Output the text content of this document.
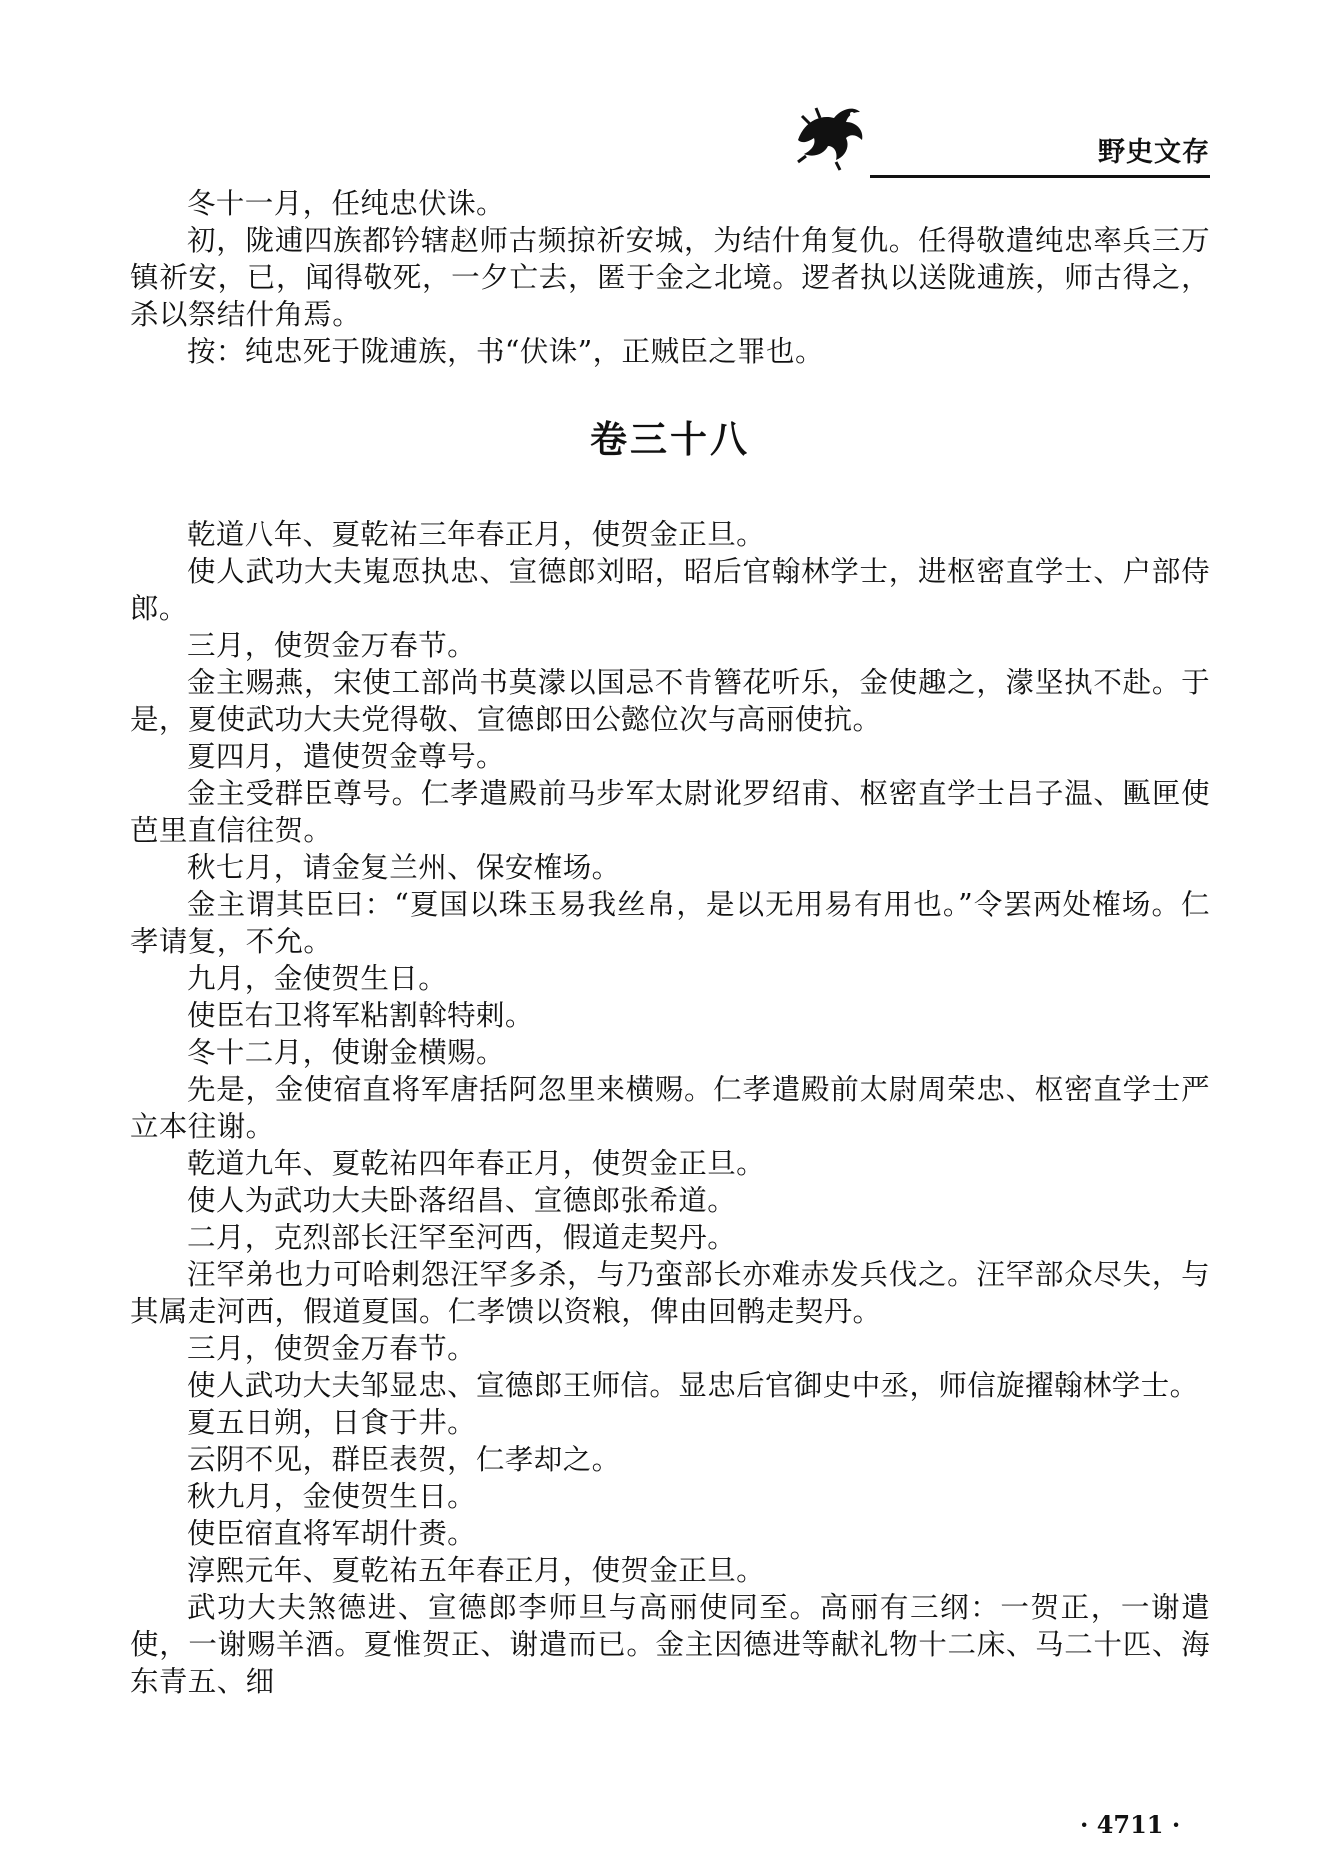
野史文存

冬十一月，任纯忠伏诛。

初，陇逋四族都钤辖赵师古频掠祈安城，为结什角复仇。任得敬遣纯忠率兵三万镇祈安，已，闻得敬死，一夕亡去，匿于金之北境。逻者执以送陇逋族，师古得之，杀以祭结什角焉。

按：纯忠死于陇逋族，书“伏诛”，正贼臣之罪也。

卷三十八

乾道八年、夏乾祐三年春正月，使贺金正旦。

使人武功大夫嵬恧执忠、宣德郎刘昭，昭后官翰林学士，进枢密直学士、户部侍郎。

三月，使贺金万春节。

金主赐燕，宋使工部尚书莫濛以国忌不肯簪花听乐，金使趣之，濛坚执不赴。于是，夏使武功大夫党得敬、宣德郎田公懿位次与高丽使抗。

夏四月，遣使贺金尊号。

金主受群臣尊号。仁孝遣殿前马步军太尉讹罗绍甫、枢密直学士吕子温、匭匣使芭里直信往贺。

秋七月，请金复兰州、保安榷场。

金主谓其臣曰：“夏国以珠玉易我丝帛，是以无用易有用也。”令罢两处榷场。仁孝请复，不允。

九月，金使贺生日。

使臣右卫将军粘割斡特剌。

冬十二月，使谢金横赐。

先是，金使宿直将军唐括阿忽里来横赐。仁孝遣殿前太尉周荣忠、枢密直学士严立本往谢。

乾道九年、夏乾祐四年春正月，使贺金正旦。

使人为武功大夫卧落绍昌、宣德郎张希道。

二月，克烈部长汪罕至河西，假道走契丹。

汪罕弟也力可哈剌怨汪罕多杀，与乃蛮部长亦难赤发兵伐之。汪罕部众尽失，与其属走河西，假道夏国。仁孝馈以资粮，俾由回鹘走契丹。

三月，使贺金万春节。

使人武功大夫邹显忠、宣德郎王师信。显忠后官御史中丞，师信旋擢翰林学士。

夏五日朔，日食于井。

云阴不见，群臣表贺，仁孝却之。

秋九月，金使贺生日。

使臣宿直将军胡什赉。

淳熙元年、夏乾祐五年春正月，使贺金正旦。

武功大夫煞德进、宣德郎李师旦与高丽使同至。高丽有三纲：一贺正，一谢遣使，一谢赐羊酒。夏惟贺正、谢遣而已。金主因德进等献礼物十二床、马二十匹、海东青五、细

· 4711 ·
